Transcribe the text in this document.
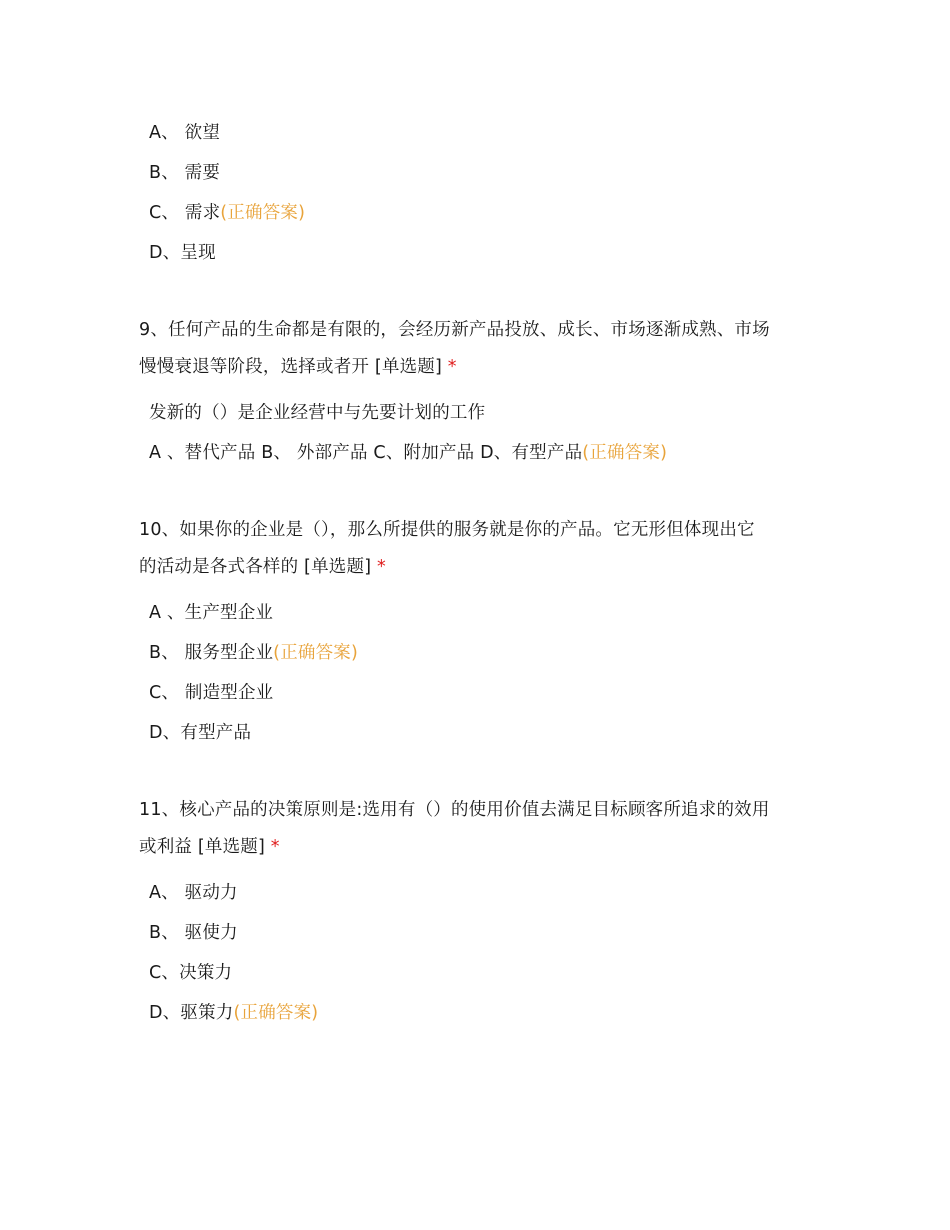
A、 欲望
B、 需要
C、 需求(正确答案)
D、呈现
9、任何产品的生命都是有限的，会经历新产品投放、成长、市场逐渐成熟、市场
慢慢衰退等阶段，选择或者开 [单选题] *
发新的（）是企业经营中与先要计划的工作
A 、替代产品 B、 外部产品 C、附加产品 D、有型产品(正确答案)
10、如果你的企业是（），那么所提供的服务就是你的产品。它无形但体现出它
的活动是各式各样的 [单选题] *
A 、生产型企业
B、 服务型企业(正确答案)
C、 制造型企业
D、有型产品
11、核心产品的决策原则是:选用有（）的使用价值去满足目标顾客所追求的效用
或利益 [单选题] *
A、 驱动力
B、 驱使力
C、决策力
D、驱策力(正确答案)
